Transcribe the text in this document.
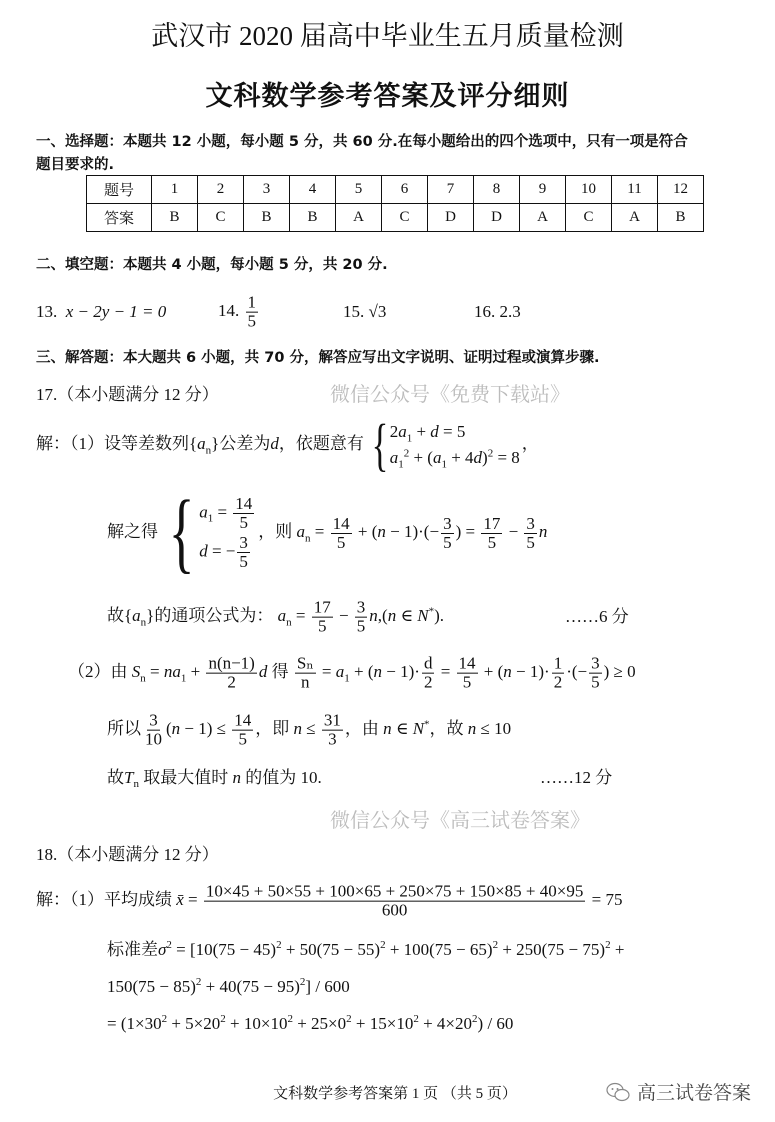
武汉市 2020 届高中毕业生五月质量检测
文科数学参考答案及评分细则
一、选择题：本题共 12 小题，每小题 5 分，共 60 分.在每小题给出的四个选项中，只有一项是符合
题目要求的.
题号	1	2	3	4	5	6	7	8	9	10	11	12
答案	B	C	B	B	A	C	D	D	A	C	A	B
二、填空题：本题共 4 小题，每小题 5 分，共 20 分.
13. x − 2y − 1 = 0	14. $\frac{1}{5}$	15. √3	16. 2.3
三、解答题：本大题共 6 小题，共 70 分，解答应写出文字说明、证明过程或演算步骤.
17.（本小题满分 12 分）
解：（1）设等差数列$\{a_n\}$公差为d，依题意有 { $2a_1 + d = 5$
$a_1^2 + (a_1 + 4d)^2 = 8$
，
解之得 { $a_1 = \frac{14}{5}$
d = − $\frac{3}{5}$
，则 $a_n = \frac{14}{5} + (n - 1)\cdot(- \frac{3}{5}$ ) = $\frac{17}{5} - \frac{3}{5}$ n
故$\{a_n\}$的通项公式为： $a_n = \frac{17}{5} - \frac{3}{5} n,(n$ ∈ N*).	……6 分
（2）由 $S_n = na_1 + \frac{n(n-1)}{2}$ d 得 $\frac{\text{Sₙ}}{n} = a_1 + (n - 1)\cdot \frac{d}{2} = \frac{14}{5} + (n - 1)\cdot \frac{1}{2}$ ·(− $\frac{3}{5}$ ) ≥ 0
所以 $\frac{3}{10} (n - 1) \le \frac{14}{5}$ ，即 $n \le \frac{31}{3}$ ，由 n ∈ N*，故 n ≤ 10
故$T_n$ 取最大值时 n 的值为 10.	……12 分
18.（本小题满分 12 分）
解：（1）平均成绩 x̄ = $\frac{10\times 45 + 50\times 55 + 100\times 65 + 250\times 75 + 150\times 85 + 40\times 95}{600} = 75$
标准差$\sigma^2 = [10(75 - 45)^2 + 50(75 - 55)^2 + 100(75 - 65)^2 + 250(75 - 75)^2$ +
$150(75 - 85)^2 + 40(75 - 95)^2] / 600$
= $(1\times 30^2 + 5\times 20^2 + 10\times 10^2 + 25\times 0^2 + 15\times 10^2 + 4\times 20^2) / 60$
微信公众号《免费下载站》
微信公众号《高三试卷答案》
文科数学参考答案第 1 页 （共 5 页）	高三试卷答案
